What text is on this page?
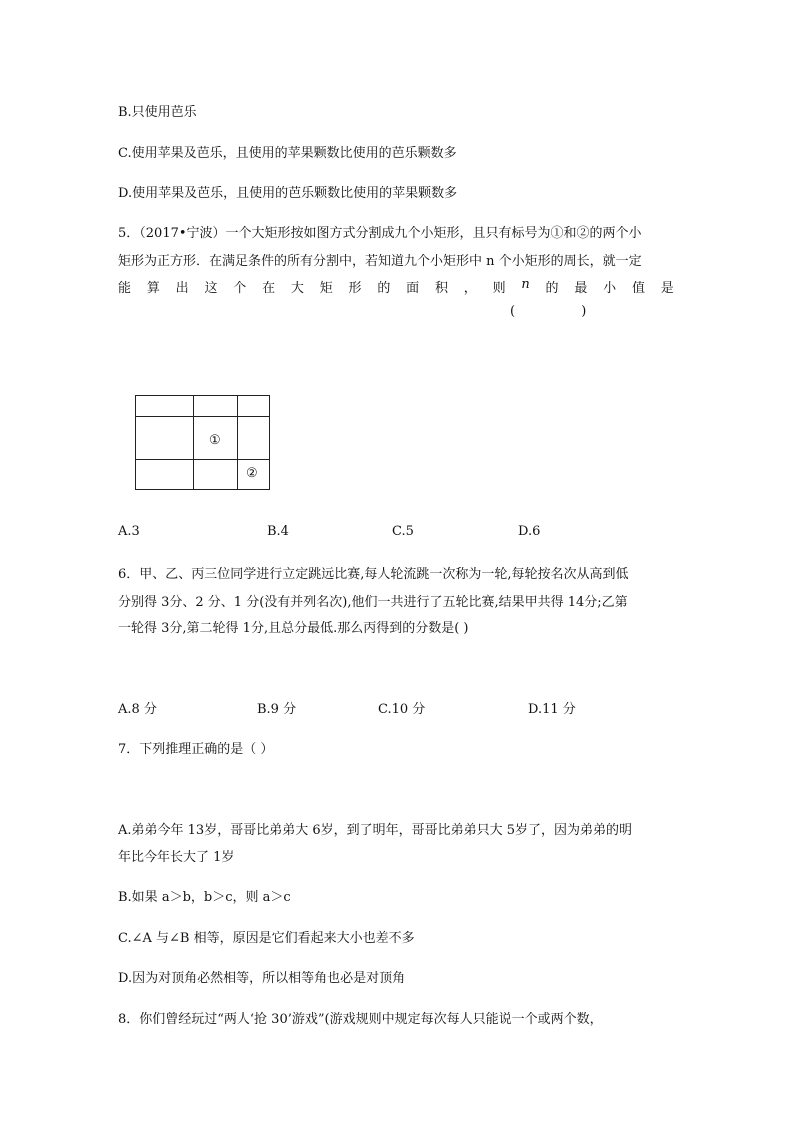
B.只使用芭乐
C.使用苹果及芭乐，且使用的苹果颗数比使用的芭乐颗数多
D.使用苹果及芭乐，且使用的芭乐颗数比使用的苹果颗数多
5．（2017•宁波）一个大矩形按如图方式分割成九个小矩形，且只有标号为①和②的两个小
矩形为正方形．在满足条件的所有分割中，若知道九个小矩形中 n 个小矩形的周长，就一定
能 算 出 这 个 在 大 矩 形 的 面 积 ， 则 n 的 最 小 值 是
(                )
①
②
A.3	B.4	C.5	D.6
6．甲、乙、丙三位同学进行立定跳远比赛,每人轮流跳一次称为一轮,每轮按名次从高到低
分别得 3分、2 分、1 分(没有并列名次),他们一共进行了五轮比赛,结果甲共得 14分;乙第
一轮得 3分,第二轮得 1分,且总分最低.那么丙得到的分数是( )
A.8 分	B.9 分	C.10 分	D.11 分
7．下列推理正确的是（ ）
A.弟弟今年 13岁，哥哥比弟弟大 6岁，到了明年，哥哥比弟弟只大 5岁了，因为弟弟的明
年比今年长大了 1岁
B.如果 a＞b，b＞c，则 a＞c
C.∠A 与∠B 相等，原因是它们看起来大小也差不多
D.因为对顶角必然相等，所以相等角也必是对顶角
8．你们曾经玩过“两人‘抢 30’游戏”(游戏规则中规定每次每人只能说一个或两个数，
